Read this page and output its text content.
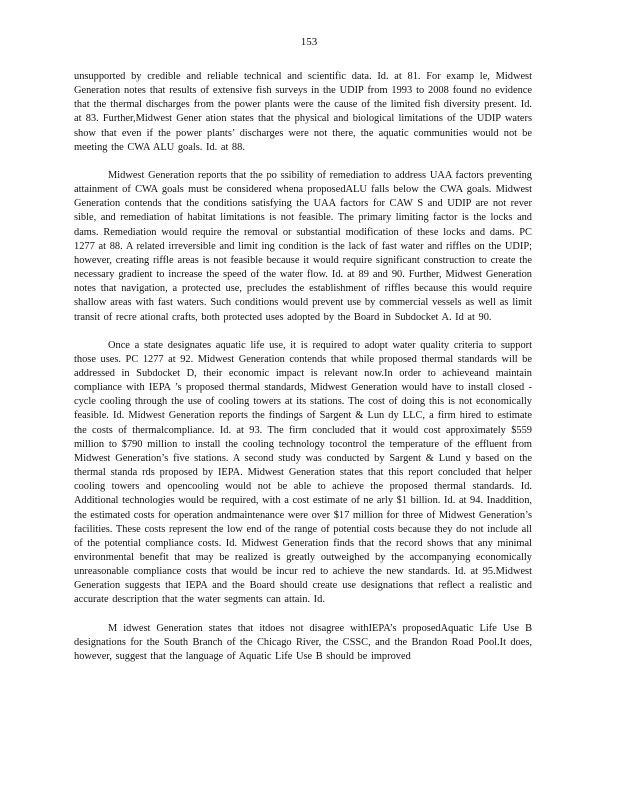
153

unsupported by credible and reliable technical and scientific data. Id. at 81. For examp le, Midwest Generation notes that results of extensive fish surveys in the UDIP from 1993 to 2008 found no evidence that the thermal discharges from the power plants were the cause of the limited fish diversity present. Id. at 83. Further,Midwest Gener ation states that the physical and biological limitations of the UDIP waters show that even if the power plants’ discharges were not there, the aquatic communities would not be meeting the CWA ALU goals. Id. at 88.

Midwest Generation reports that the po ssibility of remediation to address UAA factors preventing attainment of CWA goals must be considered whena proposedALU falls below the CWA goals. Midwest Generation contends that the conditions satisfying the UAA factors for CAW S and UDIP are not rever sible, and remediation of habitat limitations is not feasible. The primary limiting factor is the locks and dams. Remediation would require the removal or substantial modification of these locks and dams. PC 1277 at 88. A related irreversible and limit ing condition is the lack of fast water and riffles on the UDIP; however, creating riffle areas is not feasible because it would require significant construction to create the necessary gradient to increase the speed of the water flow. Id. at 89 and 90. Further, Midwest Generation notes that navigation, a protected use, precludes the establishment of riffles because this would require shallow areas with fast waters. Such conditions would prevent use by commercial vessels as well as limit transit of recre ational crafts, both protected uses adopted by the Board in Subdocket A. Id at 90.

Once a state designates aquatic life use, it is required to adopt water quality criteria to support those uses. PC 1277 at 92. Midwest Generation contends that while proposed thermal standards will be addressed in Subdocket D, their economic impact is relevant now.In order to achieveand maintain compliance with IEPA ’s proposed thermal standards, Midwest Generation would have to install closed -cycle cooling through the use of cooling towers at its stations. The cost of doing this is not economically feasible. Id. Midwest Generation reports the findings of Sargent & Lun dy LLC, a firm hired to estimate the costs of thermalcompliance. Id. at 93. The firm concluded that it would cost approximately $559 million to $790 million to install the cooling technology tocontrol the temperature of the effluent from Midwest Generation’s five stations. A second study was conducted by Sargent & Lund y based on the thermal standa rds proposed by IEPA. Midwest Generation states that this report concluded that helper cooling towers and opencooling would not be able to achieve the proposed thermal standards. Id. Additional technologies would be required, with a cost estimate of ne arly $1 billion. Id. at 94. Inaddition, the estimated costs for operation andmaintenance were over $17 million for three of Midwest Generation’s facilities. These costs represent the low end of the range of potential costs because they do not include all of the potential compliance costs. Id. Midwest Generation finds that the record shows that any minimal environmental benefit that may be realized is greatly outweighed by the accompanying economically unreasonable compliance costs that would be incur red to achieve the new standards. Id. at 95.Midwest Generation suggests that IEPA and the Board should create use designations that reflect a realistic and accurate description that the water segments can attain. Id.

M idwest Generation states that itdoes not disagree withIEPA’s proposedAquatic Life Use B designations for the South Branch of the Chicago River, the CSSC, and the Brandon Road Pool.It does, however, suggest that the language of Aquatic Life Use B should be improved
